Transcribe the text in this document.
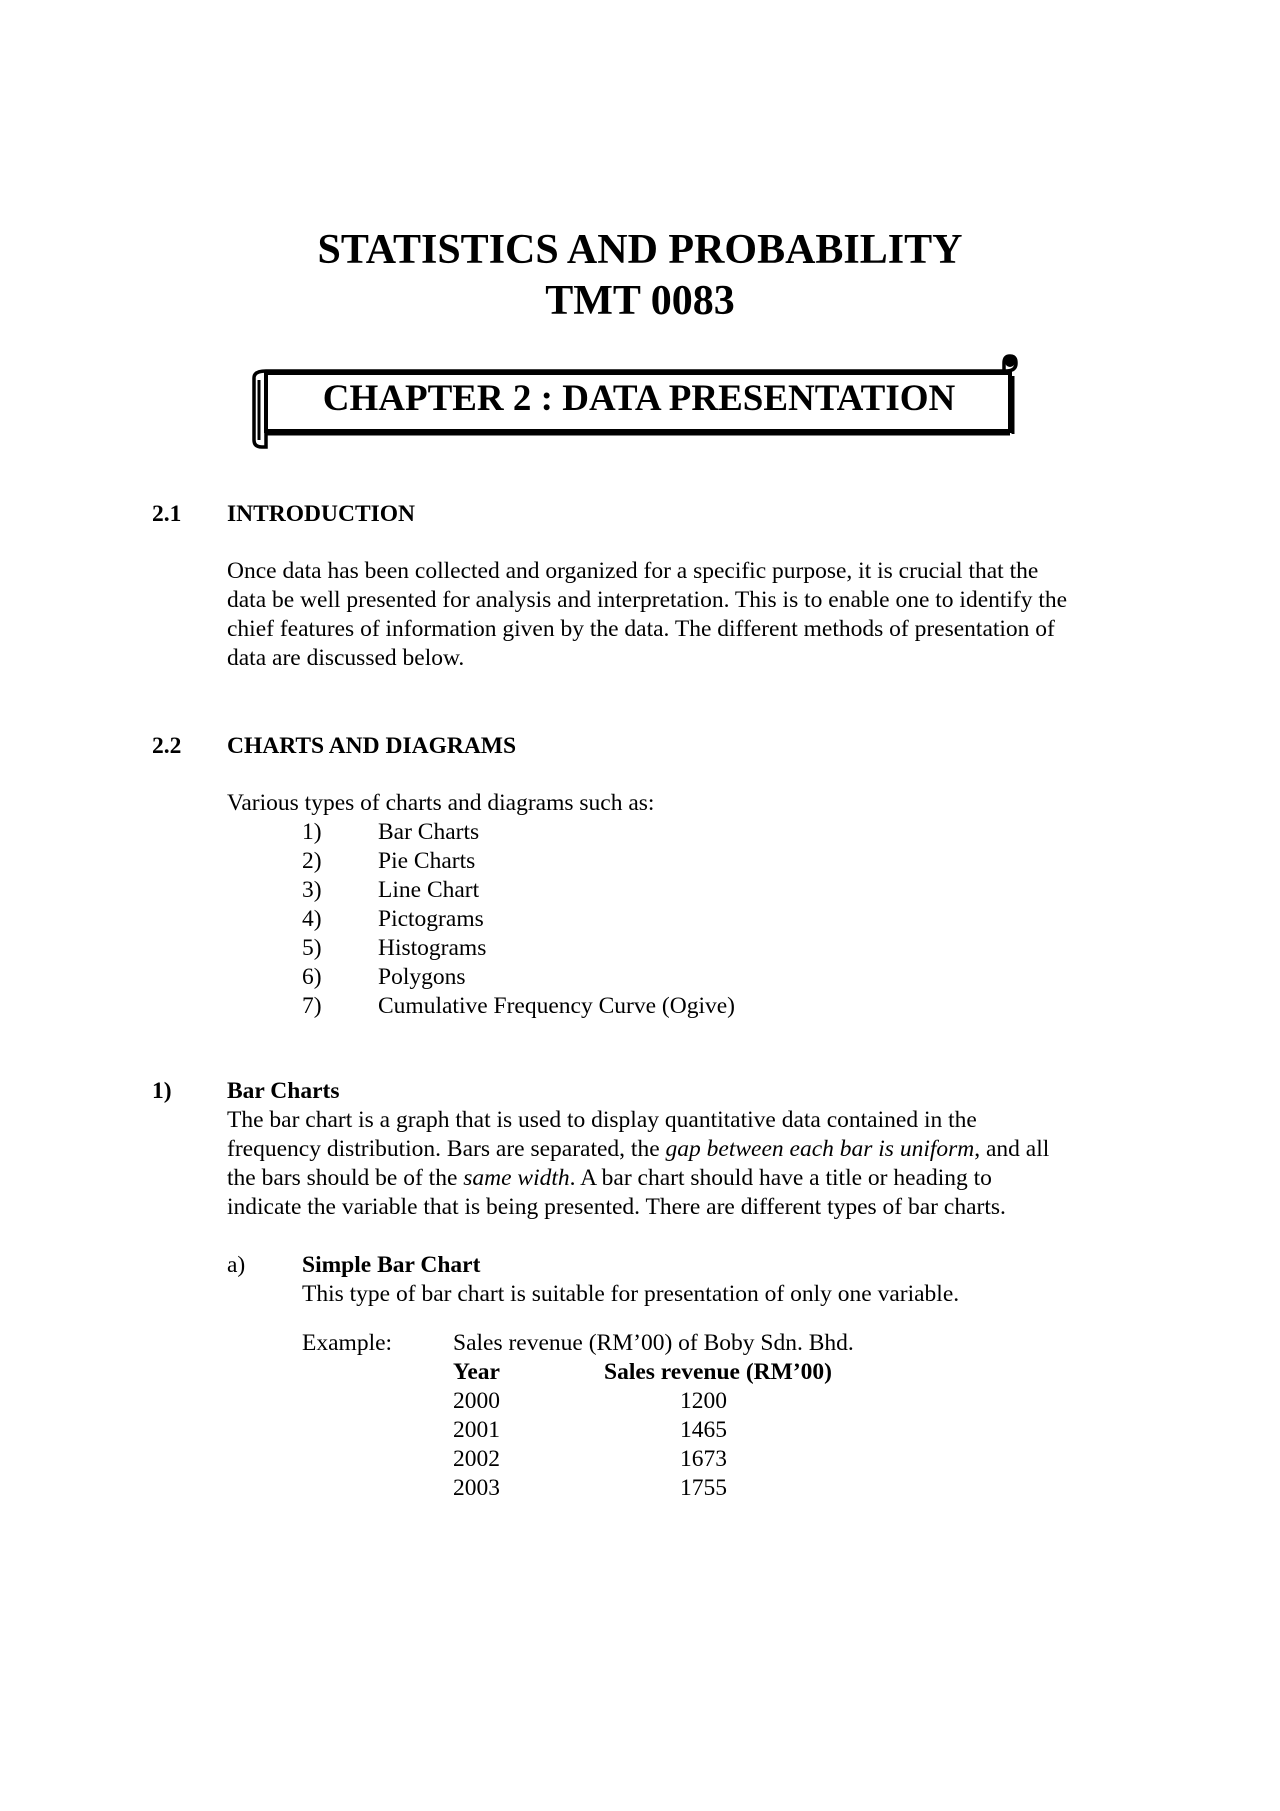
STATISTICS AND PROBABILITY
TMT 0083
CHAPTER 2 : DATA PRESENTATION
2.1 INTRODUCTION
Once data has been collected and organized for a specific purpose, it is crucial that the
data be well presented for analysis and interpretation. This is to enable one to identify the
chief features of information given by the data. The different methods of presentation of
data are discussed below.
2.2 CHARTS AND DIAGRAMS
Various types of charts and diagrams such as:
1) Bar Charts
2) Pie Charts
3) Line Chart
4) Pictograms
5) Histograms
6) Polygons
7) Cumulative Frequency Curve (Ogive)
1) Bar Charts
The bar chart is a graph that is used to display quantitative data contained in the
frequency distribution. Bars are separated, the gap between each bar is uniform, and all
the bars should be of the same width. A bar chart should have a title or heading to
indicate the variable that is being presented. There are different types of bar charts.
a) Simple Bar Chart
This type of bar chart is suitable for presentation of only one variable.
Example:	Sales revenue (RM’00) of Boby Sdn. Bhd.
Year	Sales revenue (RM’00)
2000	1200
2001	1465
2002	1673
2003	1755
